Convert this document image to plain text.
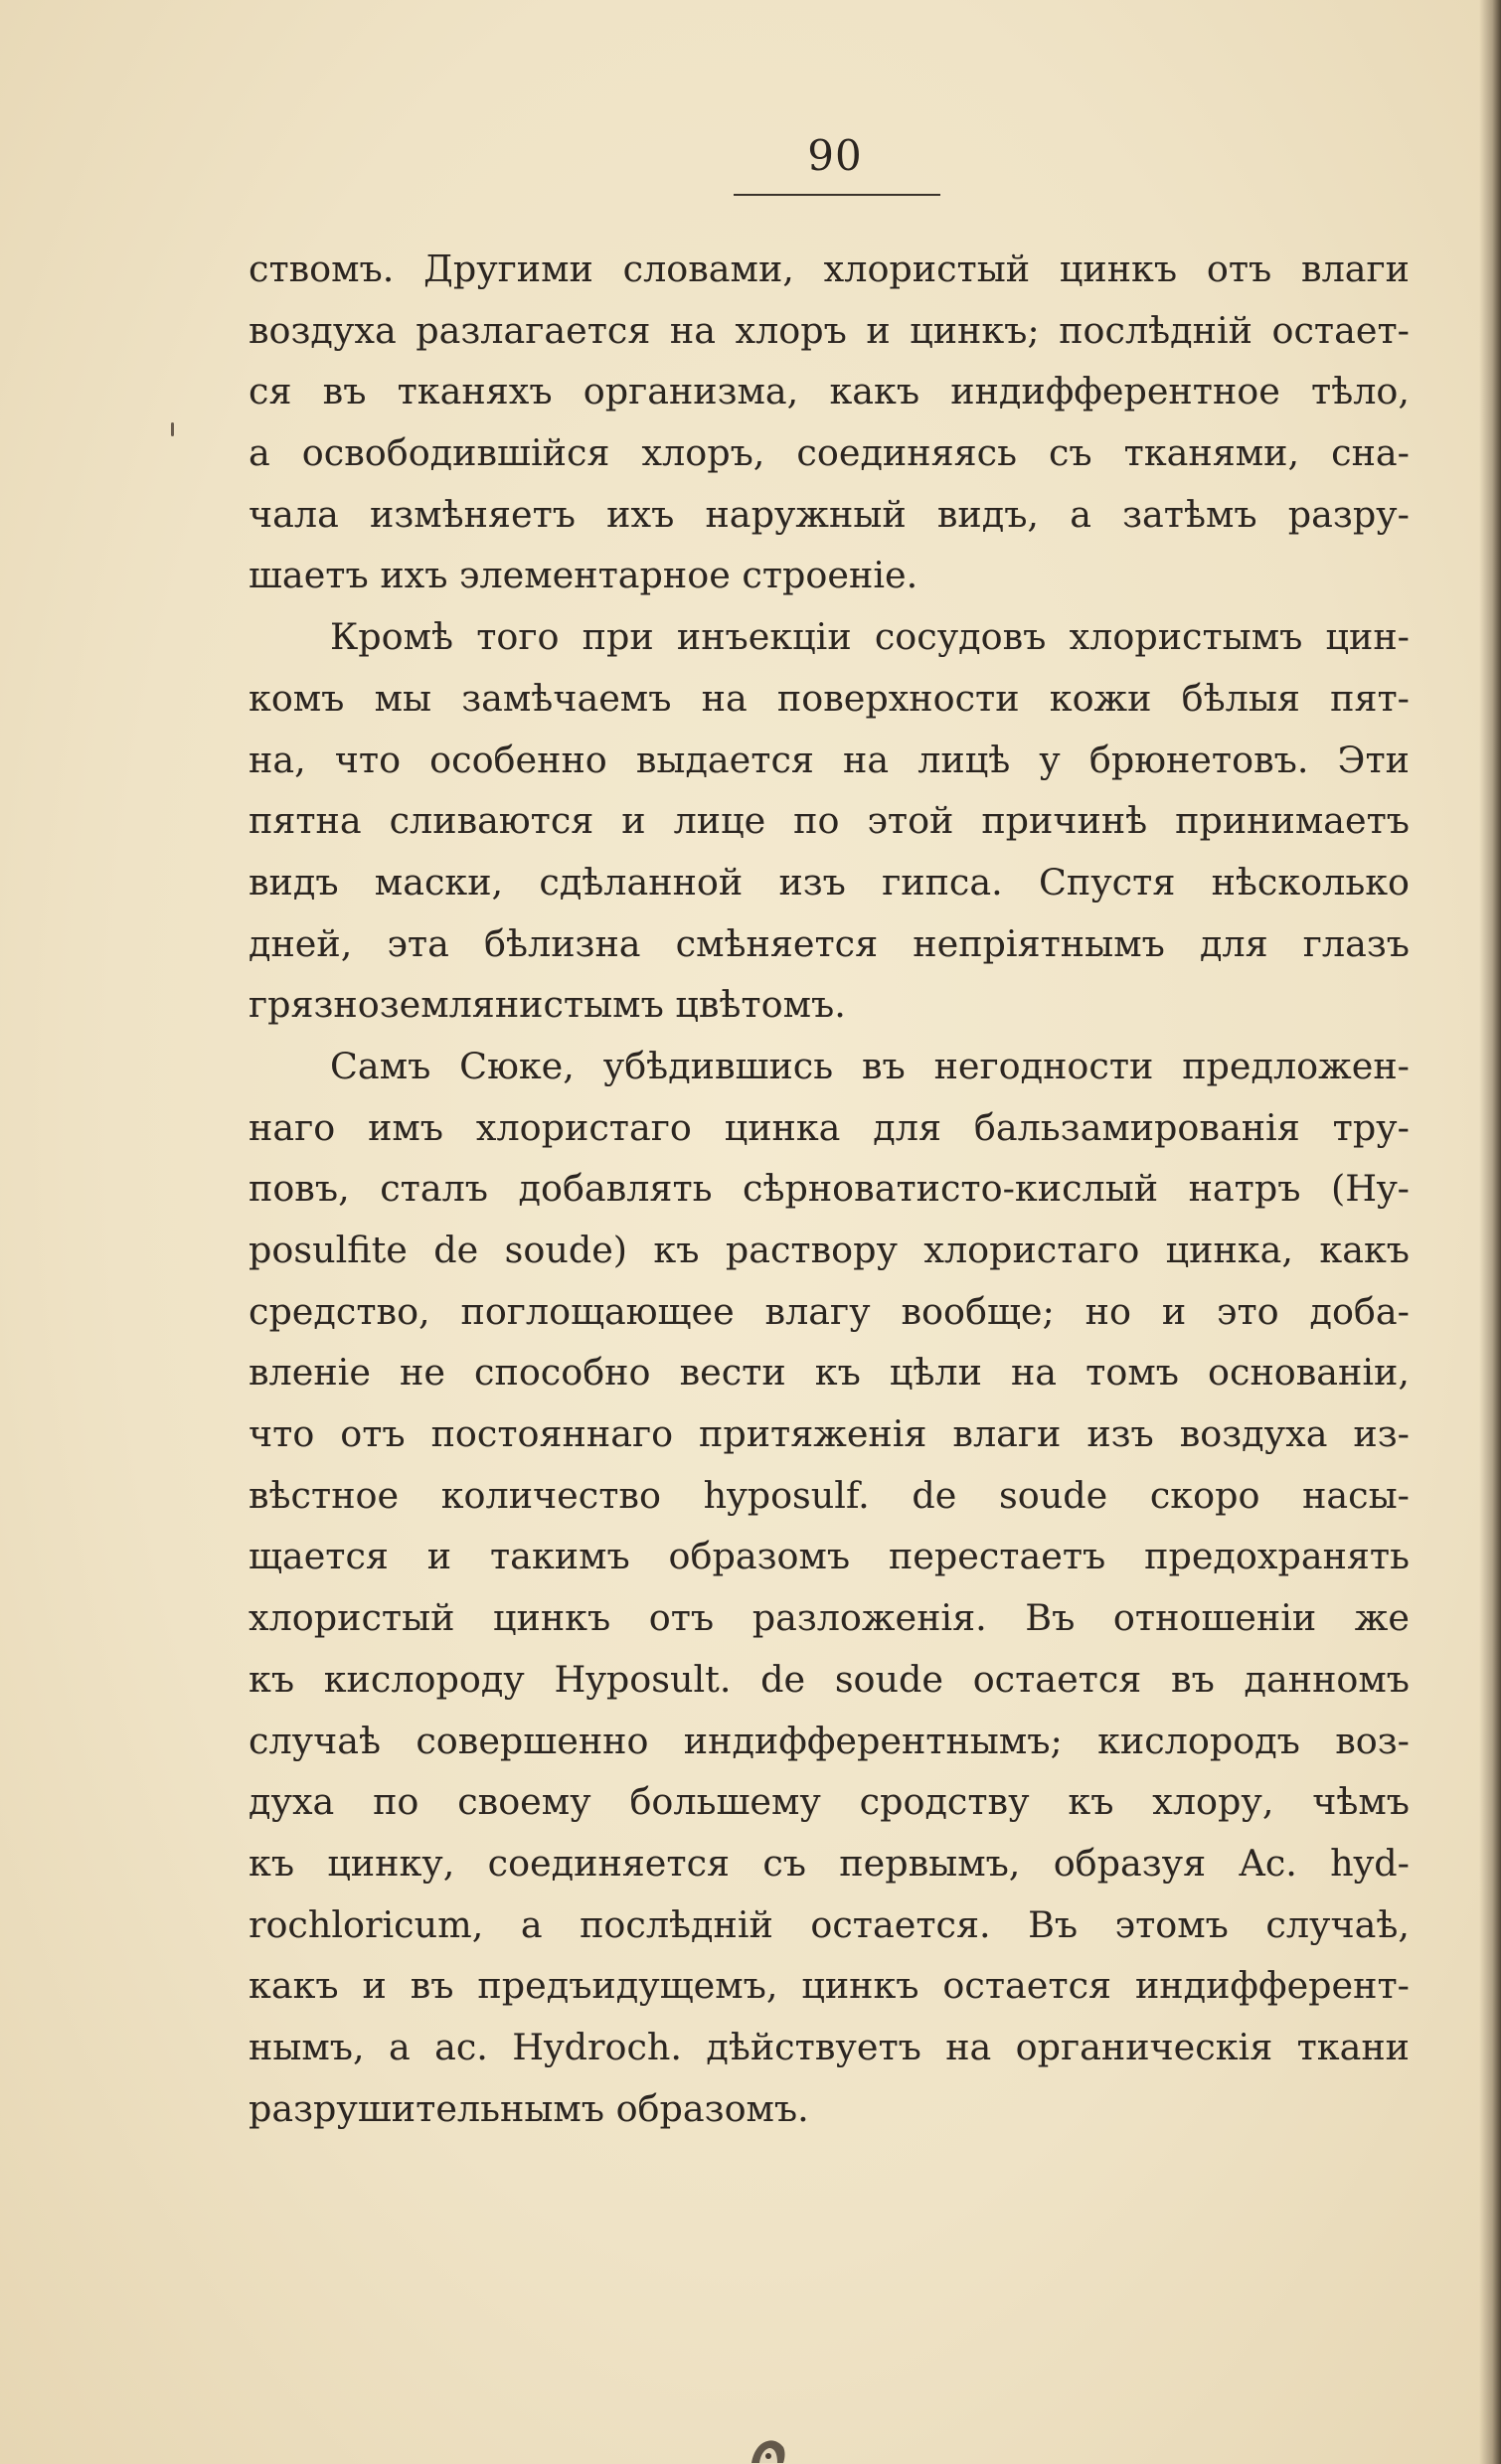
90
ствомъ. Другими словами, хлористый цинкъ отъ влаги
воздуха разлагается на хлоръ и цинкъ; послѣднiй остает-
ся въ тканяхъ организма, какъ индифферентное тѣло,
а освободившiйся хлоръ, соединяясь съ тканями, сна-
чала измѣняетъ ихъ наружный видъ, а затѣмъ разру-
шаетъ ихъ элементарное строенiе.
Кромѣ того при инъекцiи сосудовъ хлористымъ цин-
комъ мы замѣчаемъ на поверхности кожи бѣлыя пят-
на, что особенно выдается на лицѣ у брюнетовъ. Эти
пятна сливаются и лице по этой причинѣ принимаетъ
видъ маски, сдѣланной изъ гипса. Спустя нѣсколько
дней, эта бѣлизна смѣняется непрiятнымъ для глазъ
грязноземлянистымъ цвѣтомъ.
Самъ Сюке, убѣдившись въ негодности предложен-
наго имъ хлористаго цинка для бальзамированiя тру-
повъ, сталъ добавлять сѣрноватисто-кислый натръ (Hy-
posulfite de soude) къ раствору хлористаго цинка, какъ
средство, поглощающее влагу вообще; но и это доба-
вленiе не способно вести къ цѣли на томъ основанiи,
что отъ постояннаго притяженiя влаги изъ воздуха из-
вѣстное количество hyposulf. de soude скоро насы-
щается и такимъ образомъ перестаетъ предохранять
хлористый цинкъ отъ разложенiя. Въ отношенiи же
къ кислороду Hyposult. de soude остается въ данномъ
случаѣ совершенно индифферентнымъ; кислородъ воз-
духа по своему большему сродству къ хлору, чѣмъ
къ цинку, соединяется съ первымъ, образуя Ac. hyd-
rochloricum, а послѣднiй остается. Въ этомъ случаѣ,
какъ и въ предъидущемъ, цинкъ остается индифферент-
нымъ, а ac. Hydroch. дѣйствуетъ на органическiя ткани
разрушительнымъ образомъ.
